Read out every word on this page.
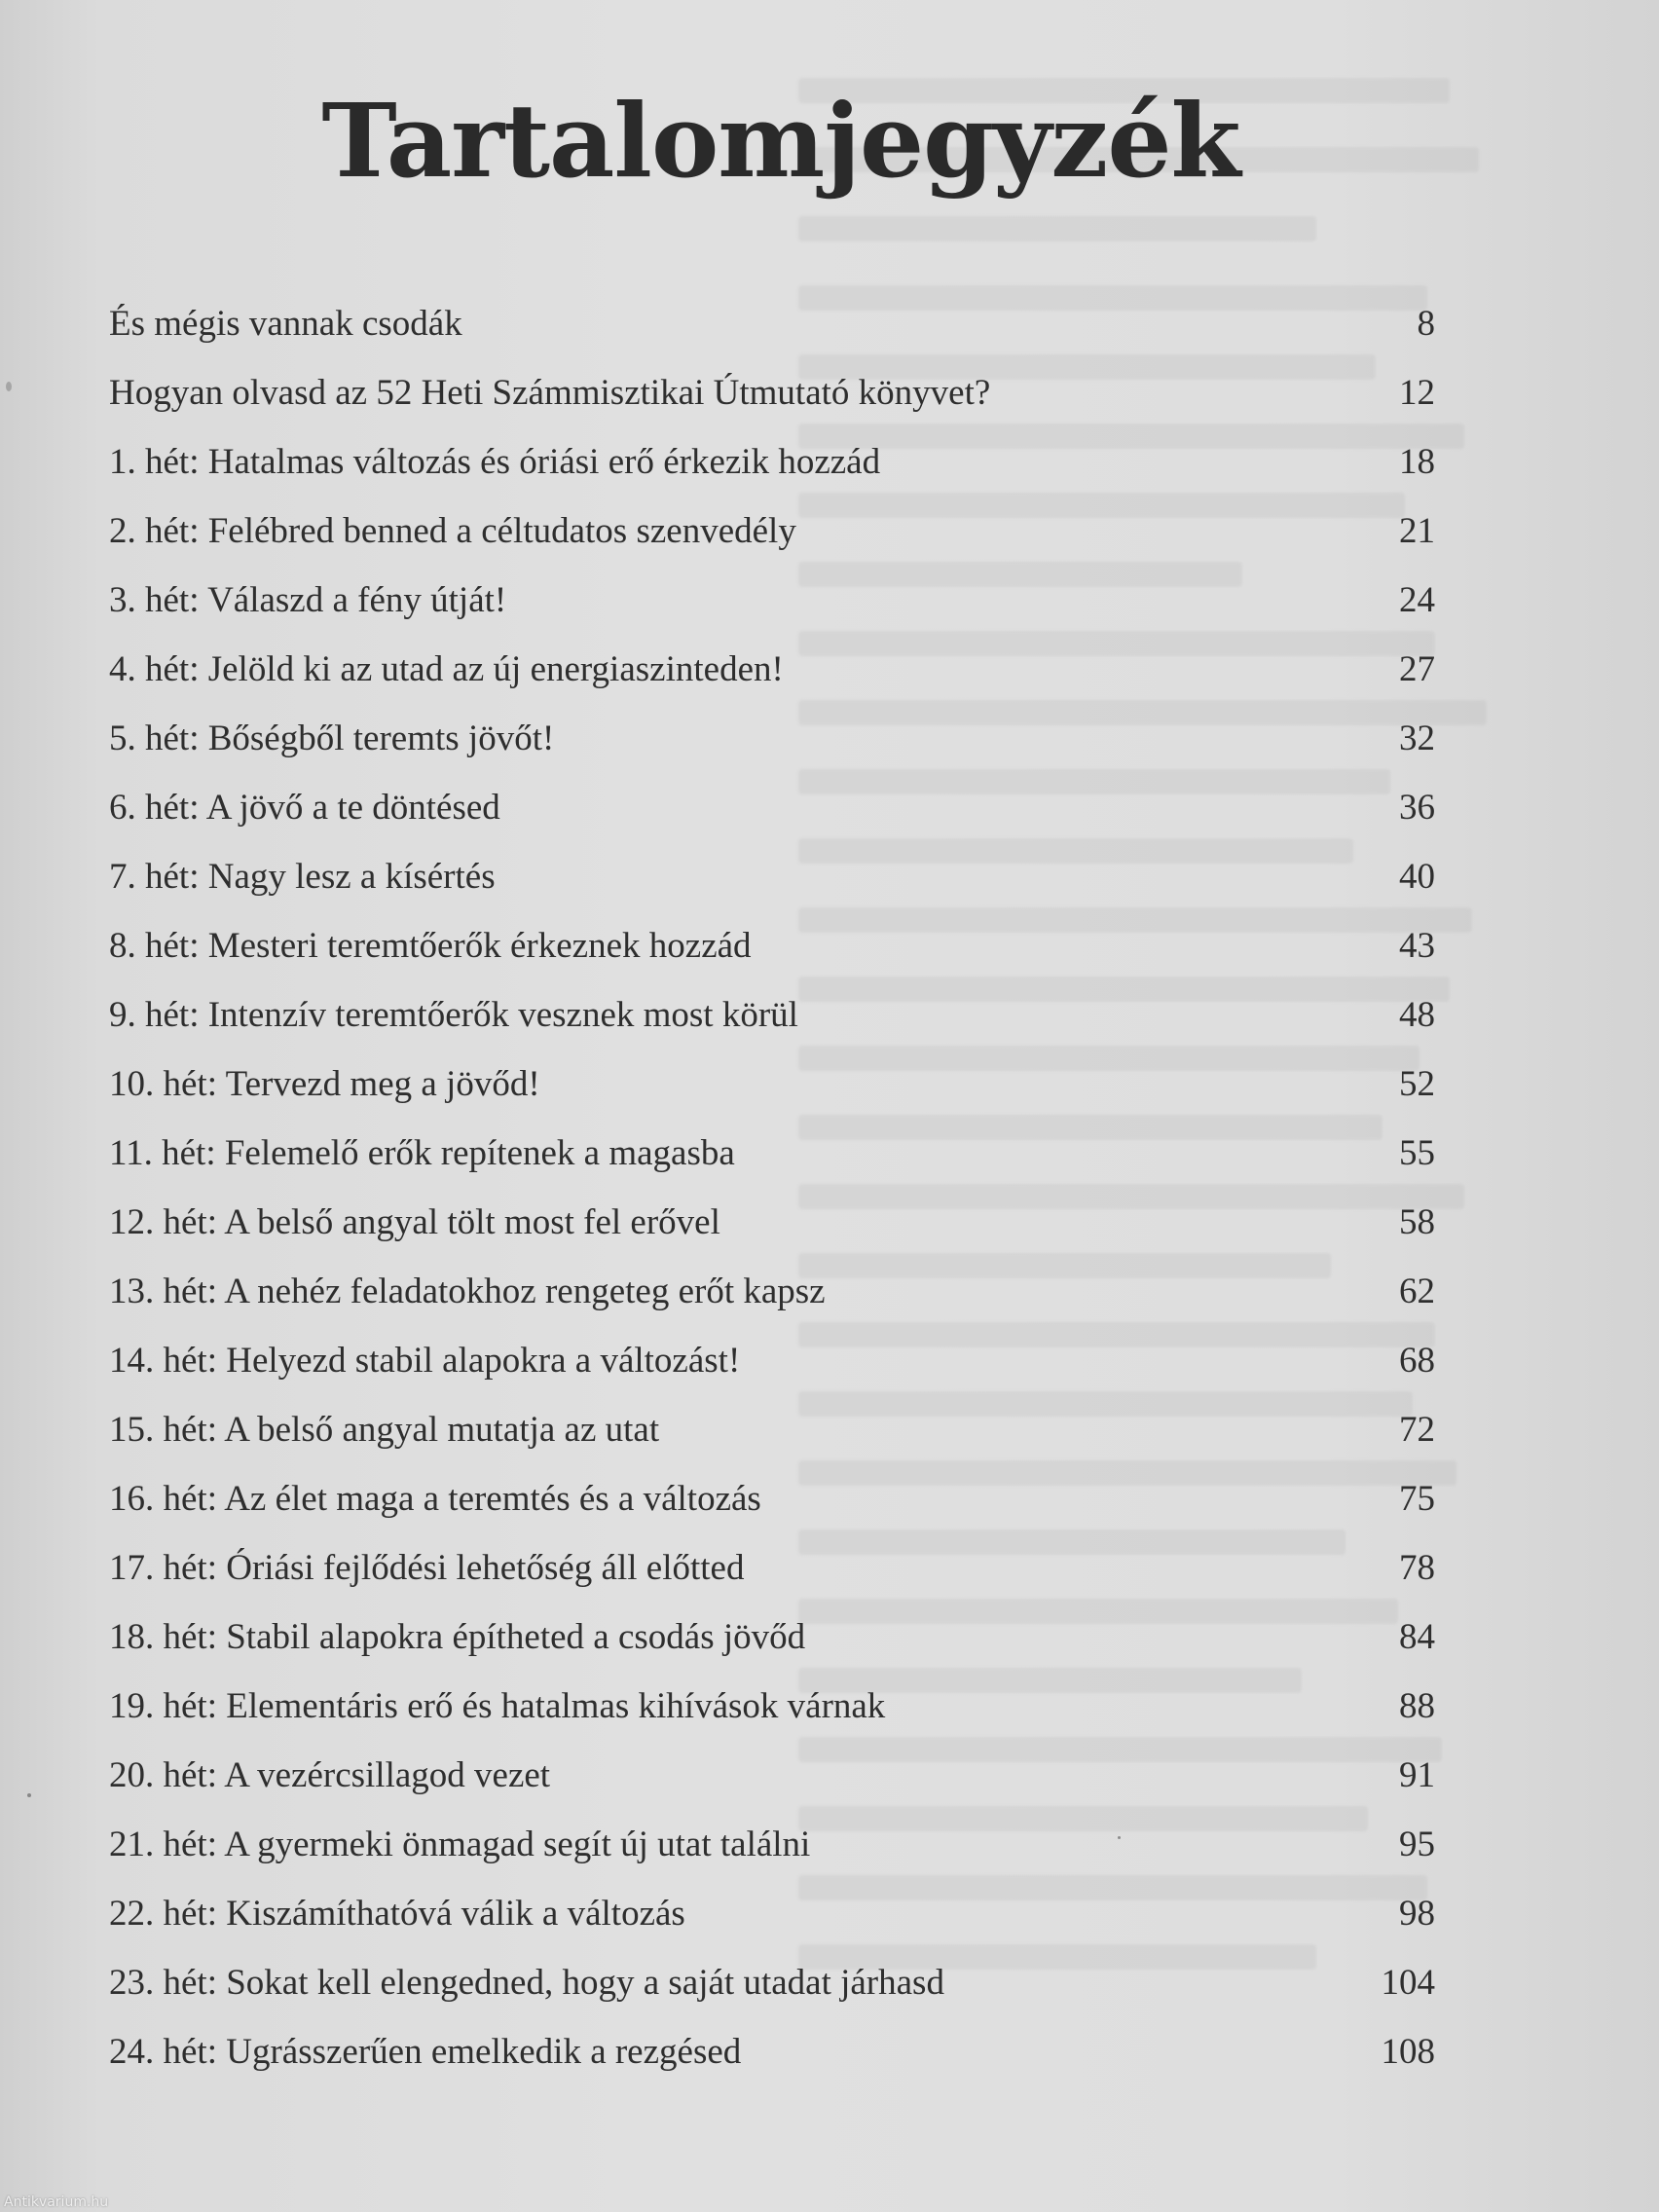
Tartalomjegyzék
És mégis vannak csodák	8
Hogyan olvasd az 52 Heti Számmisztikai Útmutató könyvet?	12
1. hét: Hatalmas változás és óriási erő érkezik hozzád	18
2. hét: Felébred benned a céltudatos szenvedély	21
3. hét: Válaszd a fény útját!	24
4. hét: Jelöld ki az utad az új energiaszinteden!	27
5. hét: Bőségből teremts jövőt!	32
6. hét: A jövő a te döntésed	36
7. hét: Nagy lesz a kísértés	40
8. hét: Mesteri teremtőerők érkeznek hozzád	43
9. hét: Intenzív teremtőerők vesznek most körül	48
10. hét: Tervezd meg a jövőd!	52
11. hét: Felemelő erők repítenek a magasba	55
12. hét: A belső angyal tölt most fel erővel	58
13. hét: A nehéz feladatokhoz rengeteg erőt kapsz	62
14. hét: Helyezd stabil alapokra a változást!	68
15. hét: A belső angyal mutatja az utat	72
16. hét: Az élet maga a teremtés és a változás	75
17. hét: Óriási fejlődési lehetőség áll előtted	78
18. hét: Stabil alapokra építheted a csodás jövőd	84
19. hét: Elementáris erő és hatalmas kihívások várnak	88
20. hét: A vezércsillagod vezet	91
21. hét: A gyermeki önmagad segít új utat találni	95
22. hét: Kiszámíthatóvá válik a változás	98
23. hét: Sokat kell elengedned, hogy a saját utadat járhasd	104
24. hét: Ugrásszerűen emelkedik a rezgésed	108
Antikvarium.hu
